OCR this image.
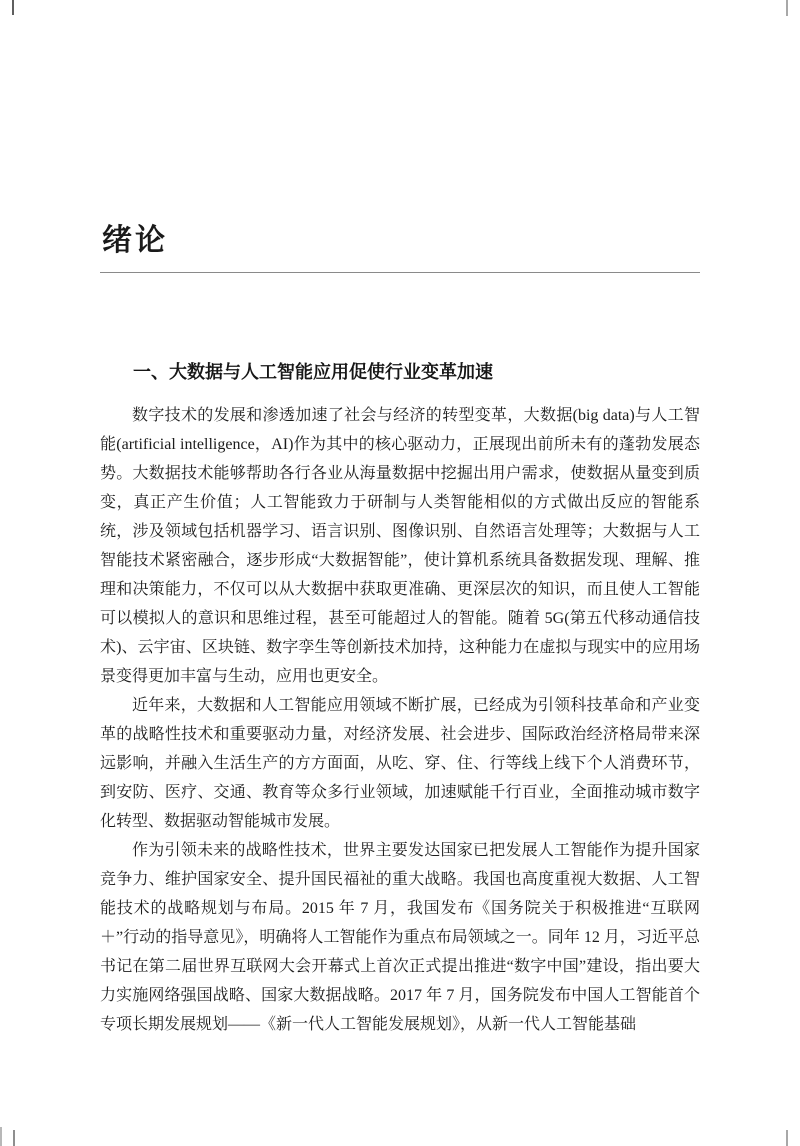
绪论
一、大数据与人工智能应用促使行业变革加速

数字技术的发展和渗透加速了社会与经济的转型变革，大数据(big data)与人工智能(artificial intelligence，AI)作为其中的核心驱动力，正展现出前所未有的蓬勃发展态势。大数据技术能够帮助各行各业从海量数据中挖掘出用户需求，使数据从量变到质变，真正产生价值；人工智能致力于研制与人类智能相似的方式做出反应的智能系统，涉及领域包括机器学习、语言识别、图像识别、自然语言处理等；大数据与人工智能技术紧密融合，逐步形成“大数据智能”，使计算机系统具备数据发现、理解、推理和决策能力，不仅可以从大数据中获取更准确、更深层次的知识，而且使人工智能可以模拟人的意识和思维过程，甚至可能超过人的智能。随着 5G(第五代移动通信技术)、云宇宙、区块链、数字孪生等创新技术加持，这种能力在虚拟与现实中的应用场景变得更加丰富与生动，应用也更安全。

近年来，大数据和人工智能应用领域不断扩展，已经成为引领科技革命和产业变革的战略性技术和重要驱动力量，对经济发展、社会进步、国际政治经济格局带来深远影响，并融入生活生产的方方面面，从吃、穿、住、行等线上线下个人消费环节，到安防、医疗、交通、教育等众多行业领域，加速赋能千行百业，全面推动城市数字化转型、数据驱动智能城市发展。

作为引领未来的战略性技术，世界主要发达国家已把发展人工智能作为提升国家竞争力、维护国家安全、提升国民福祉的重大战略。我国也高度重视大数据、人工智能技术的战略规划与布局。2015 年 7 月，我国发布《国务院关于积极推进“互联网 ＋”行动的指导意见》，明确将人工智能作为重点布局领域之一。同年 12 月，习近平总书记在第二届世界互联网大会开幕式上首次正式提出推进“数字中国”建设，指出要大力实施网络强国战略、国家大数据战略。2017 年 7 月，国务院发布中国人工智能首个专项长期发展规划——《新一代人工智能发展规划》，从新一代人工智能基础
